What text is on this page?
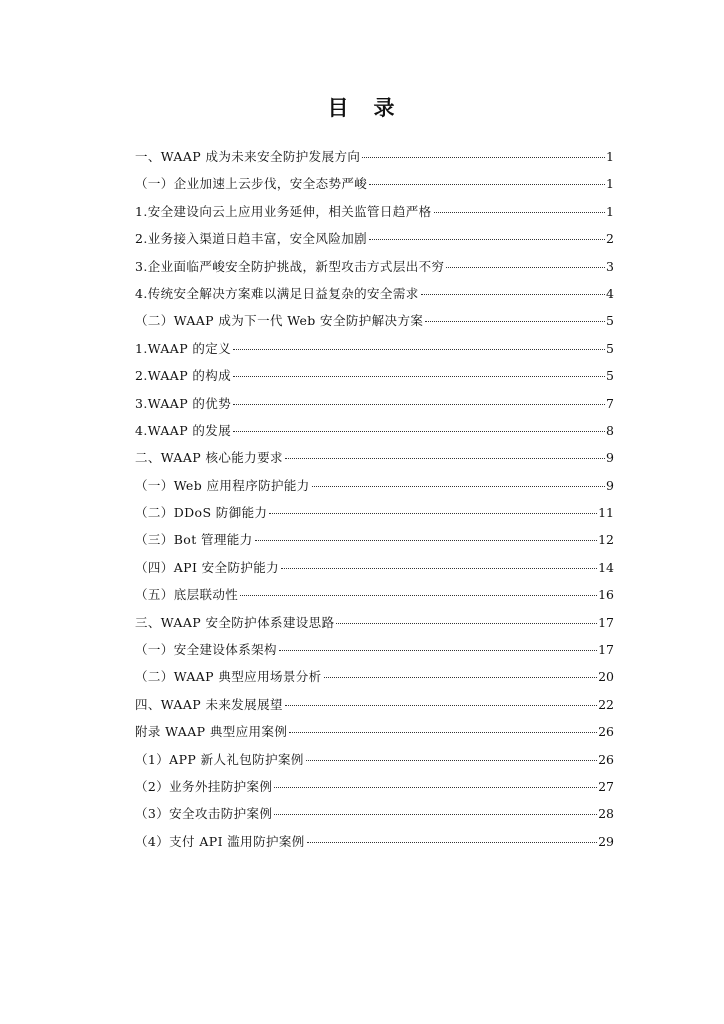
目　录
一、WAAP 成为未来安全防护发展方向	1
（一）企业加速上云步伐，安全态势严峻	1
1.安全建设向云上应用业务延伸，相关监管日趋严格	1
2.业务接入渠道日趋丰富，安全风险加剧	2
3.企业面临严峻安全防护挑战，新型攻击方式层出不穷	3
4.传统安全解决方案难以满足日益复杂的安全需求	4
（二）WAAP 成为下一代 Web 安全防护解决方案	5
1.WAAP 的定义	5
2.WAAP 的构成	5
3.WAAP 的优势	7
4.WAAP 的发展	8
二、WAAP 核心能力要求	9
（一）Web 应用程序防护能力	9
（二）DDoS 防御能力	11
（三）Bot 管理能力	12
（四）API 安全防护能力	14
（五）底层联动性	16
三、WAAP 安全防护体系建设思路	17
（一）安全建设体系架构	17
（二）WAAP 典型应用场景分析	20
四、WAAP 未来发展展望	22
附录 WAAP 典型应用案例	26
（1）APP 新人礼包防护案例	26
（2）业务外挂防护案例	27
（3）安全攻击防护案例	28
（4）支付 API 滥用防护案例	29
